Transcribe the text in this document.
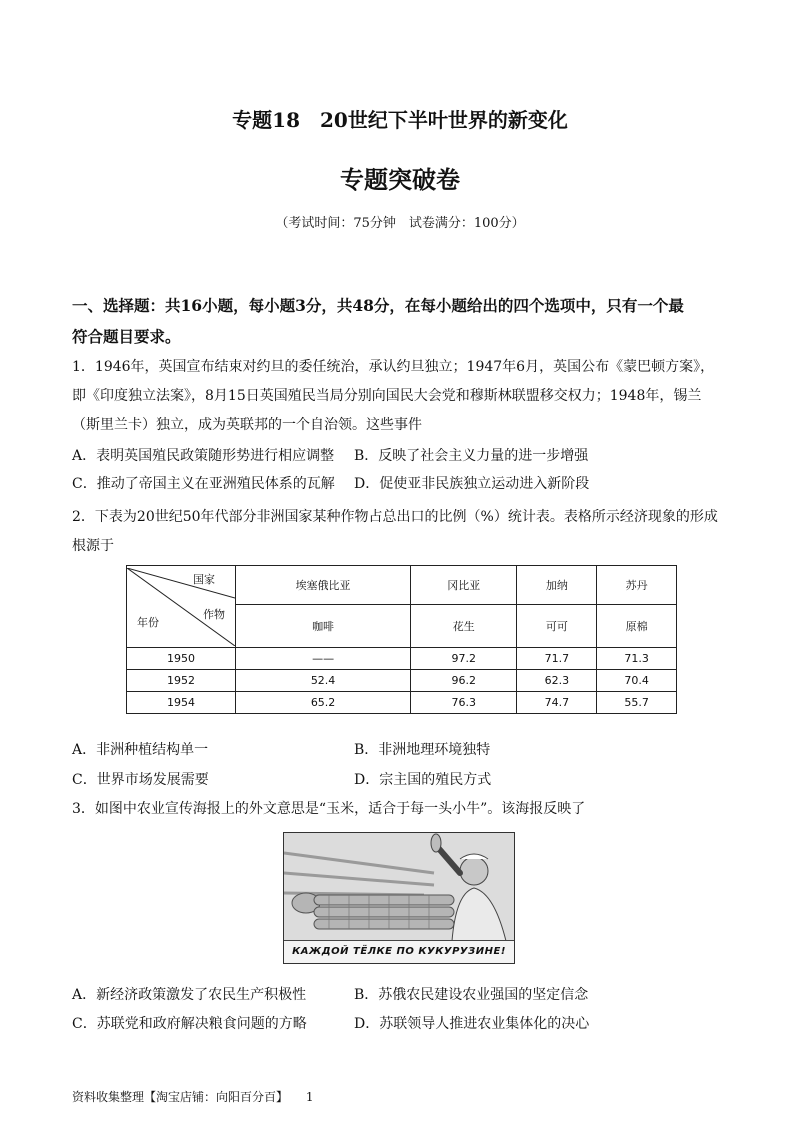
专题18　20世纪下半叶世界的新变化
专题突破卷
（考试时间：75分钟　试卷满分：100分）
一、选择题：共16小题，每小题3分，共48分，在每小题给出的四个选项中，只有一个最
符合题目要求。
1．1946年，英国宣布结束对约旦的委任统治，承认约旦独立；1947年6月，英国公布《蒙巴顿方案》，
即《印度独立法案》，8月15日英国殖民当局分别向国民大会党和穆斯林联盟移交权力；1948年，锡兰
（斯里兰卡）独立，成为英联邦的一个自治领。这些事件
A．表明英国殖民政策随形势进行相应调整 B．反映了社会主义力量的进一步增强
C．推动了帝国主义在亚洲殖民体系的瓦解 D．促使亚非民族独立运动进入新阶段
2．下表为20世纪50年代部分非洲国家某种作物占总出口的比例（%）统计表。表格所示经济现象的形成
根源于
国家
作物
年份	埃塞俄比亚	冈比亚	加纳	苏丹
	咖啡	花生	可可	原棉
1950	——	97.2	71.7	71.3
1952	52.4	96.2	62.3	70.4
1954	65.2	76.3	74.7	55.7
A．非洲种植结构单一	B．非洲地理环境独特
C．世界市场发展需要	D．宗主国的殖民方式
3．如图中农业宣传海报上的外文意思是“玉米，适合于每一头小牛”。该海报反映了
КАЖДОЙ ТЁЛКЕ ПО КУКУРУЗИНЕ!
A．新经济政策激发了农民生产积极性	B．苏俄农民建设农业强国的坚定信念
C．苏联党和政府解决粮食问题的方略	D．苏联领导人推进农业集体化的决心
资料收集整理【淘宝店铺：向阳百分百】 1
